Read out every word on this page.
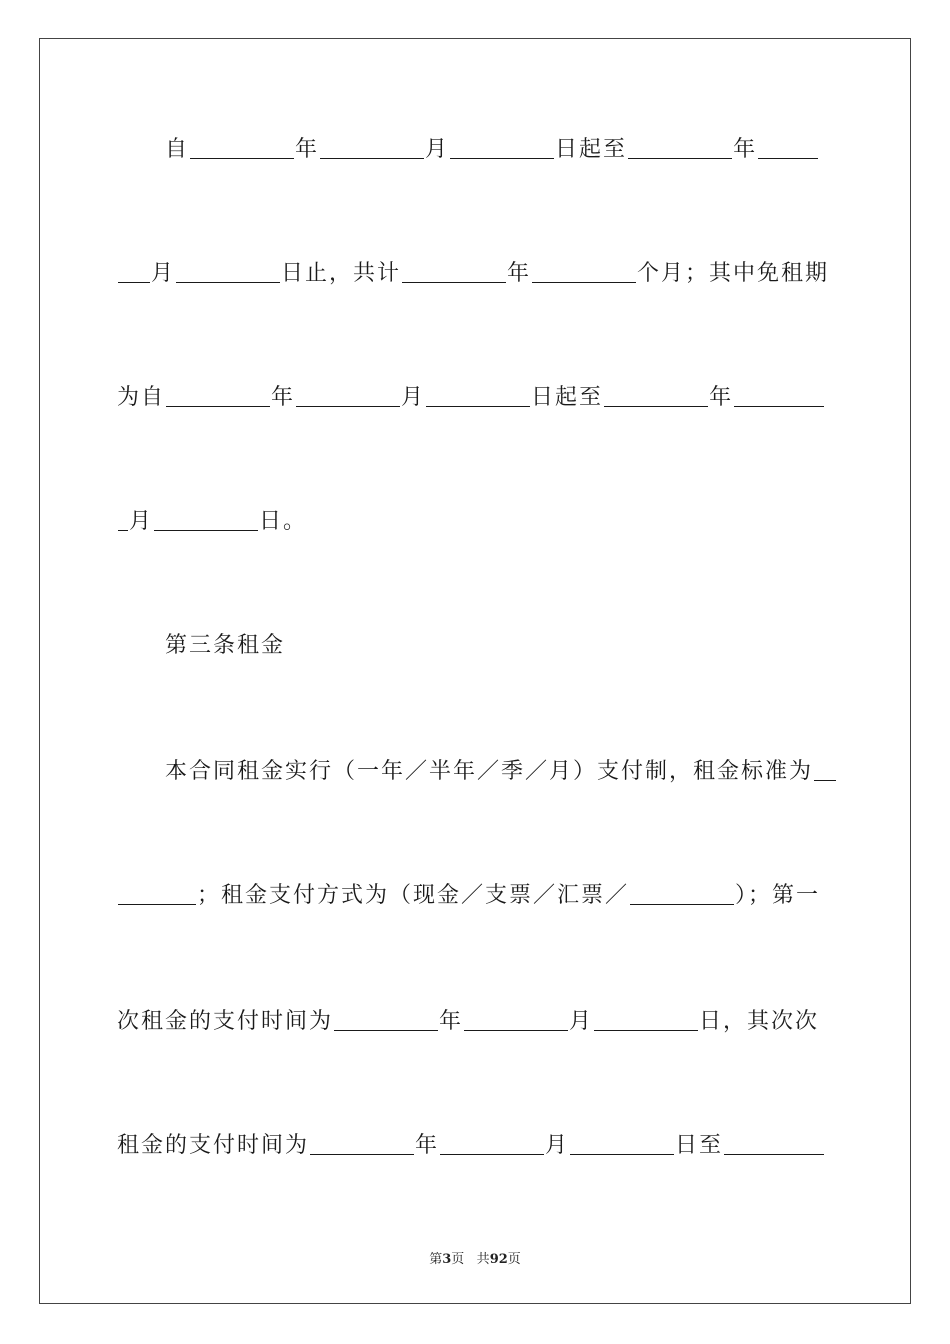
自	年	月	日起至	年
月	日止，共计	年	个月；其中免租期
为自	年	月	日起至	年
月	日。
第三条租金
本合同租金实行（一年／半年／季／月）支付制，租金标准为
；租金支付方式为（现金／支票／汇票／	）；第一
次租金的支付时间为	年	月	日，其次次
租金的支付时间为	年	月	日至
第3页 共92页
